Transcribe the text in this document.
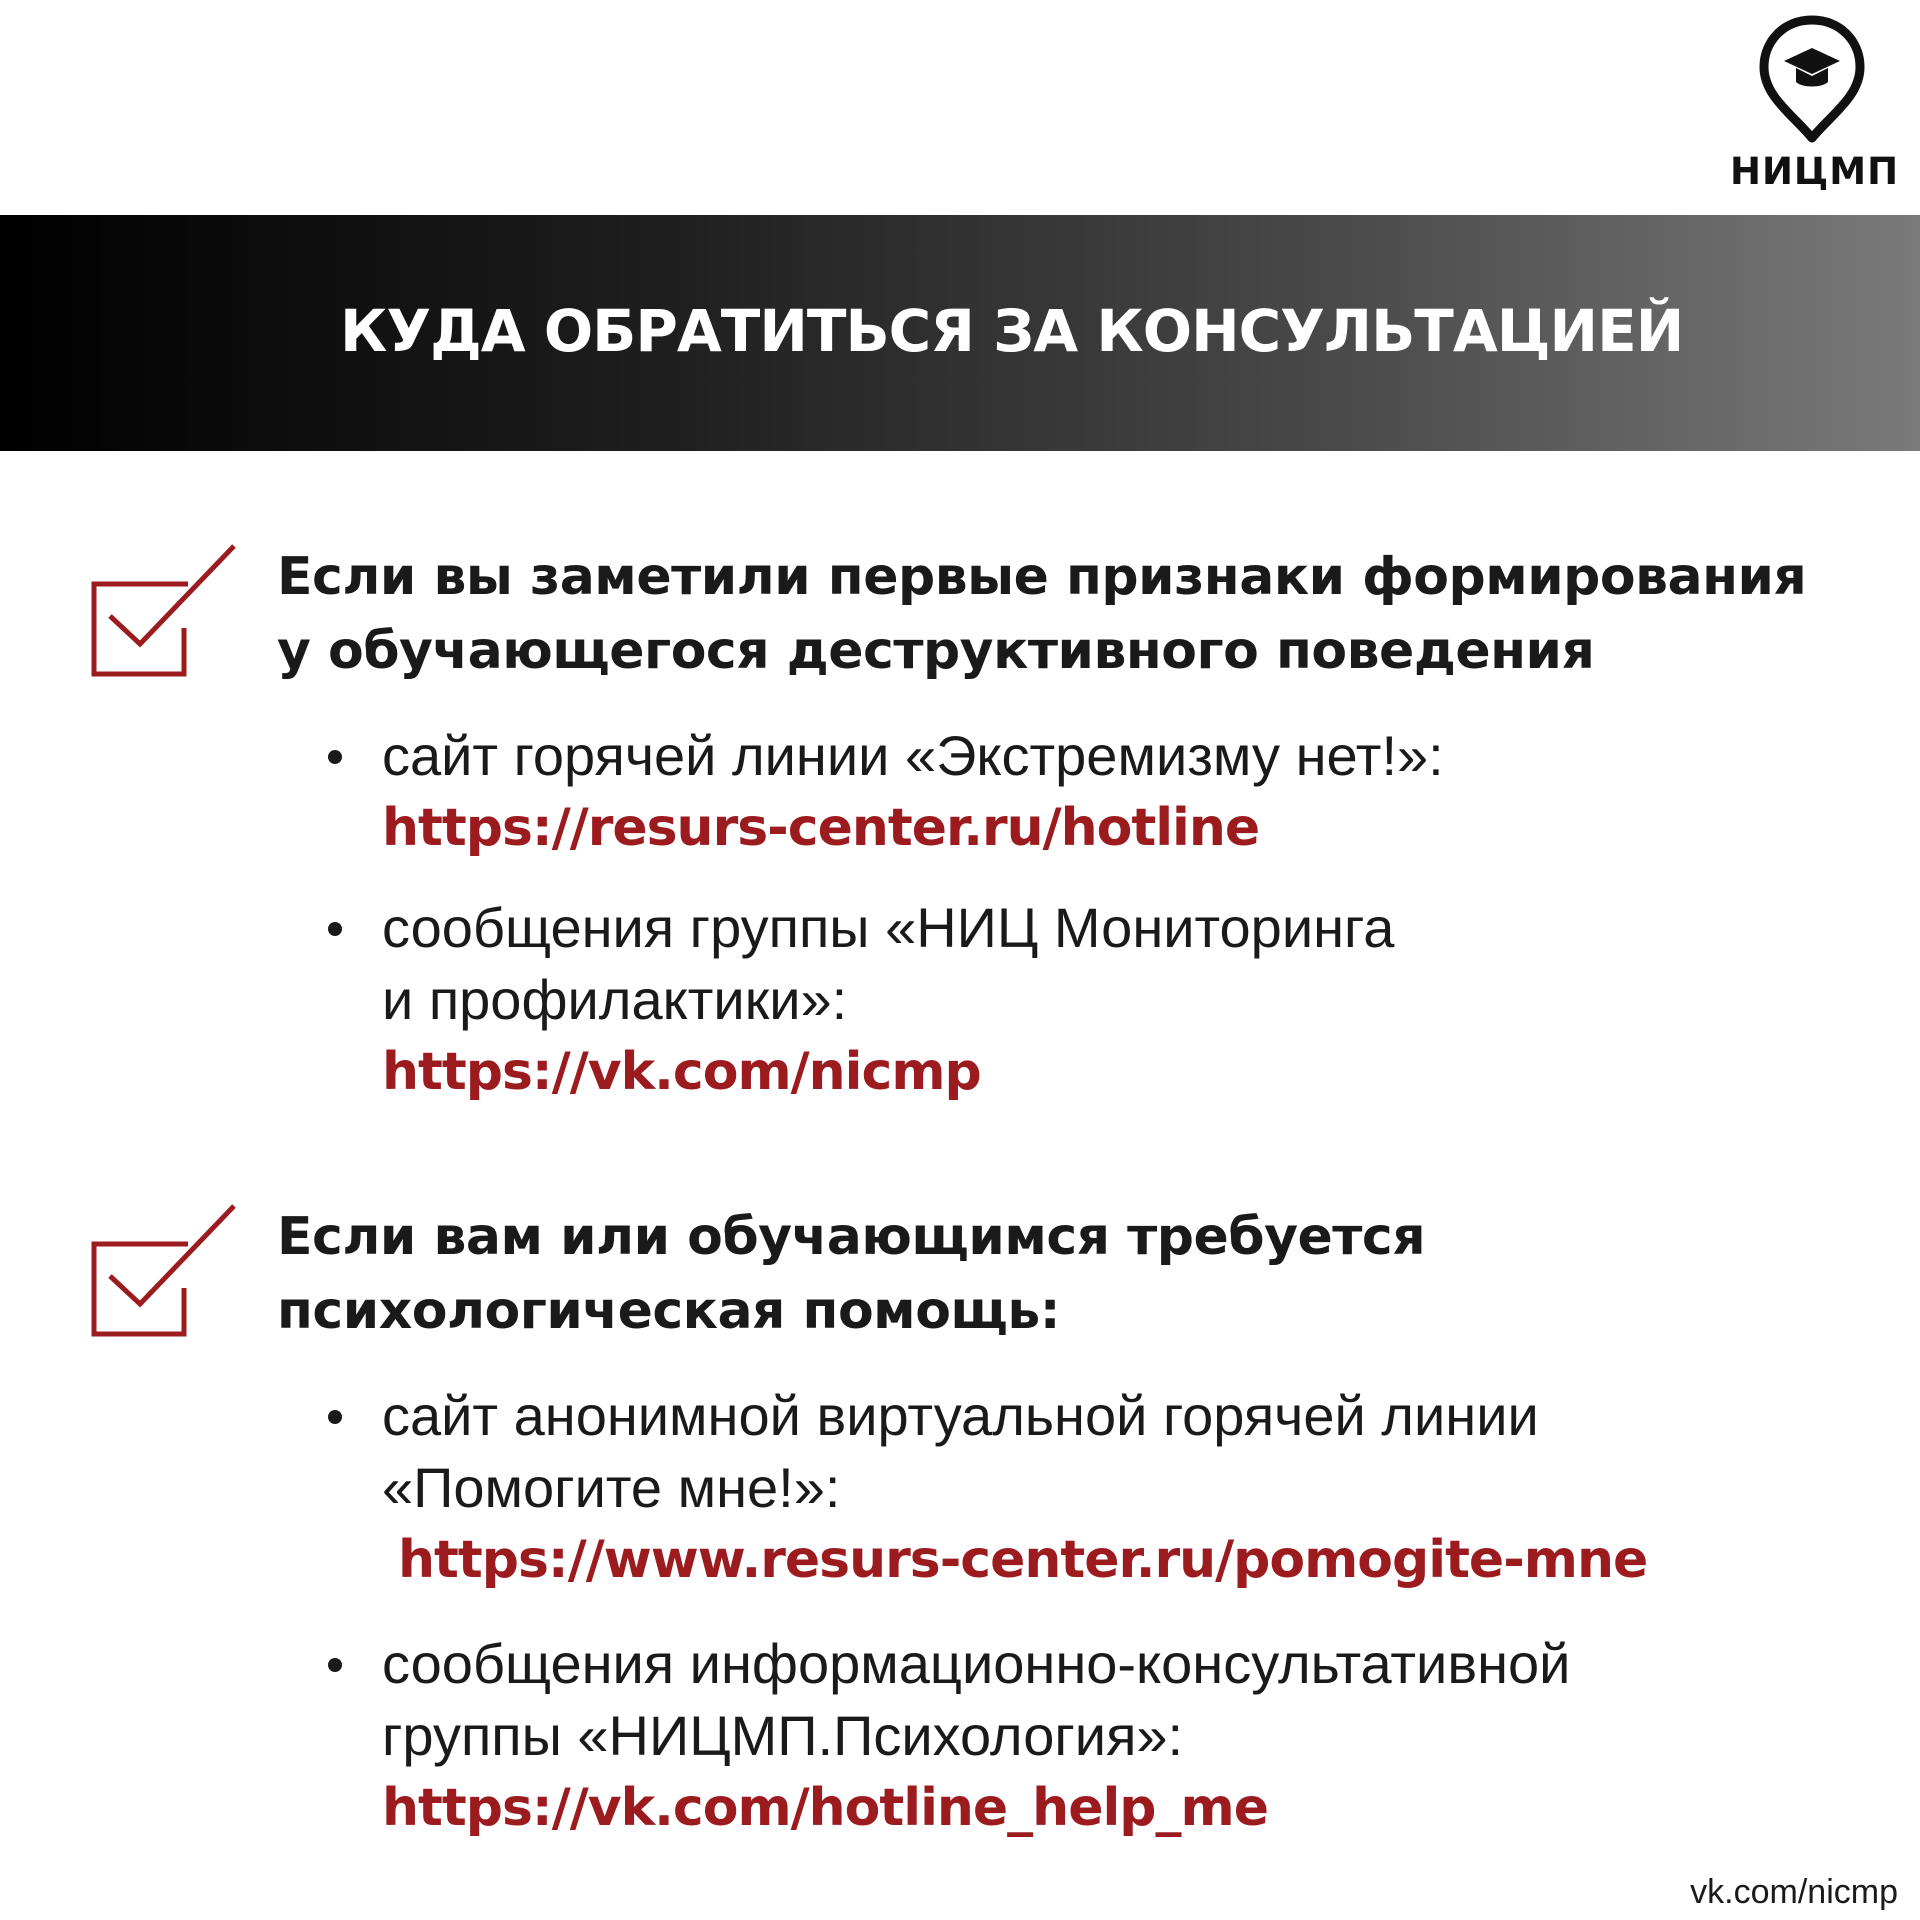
НИЦМП
КУДА ОБРАТИТЬСЯ ЗА КОНСУЛЬТАЦИЕЙ
Если вы заметили первые признаки формирования
у обучающегося деструктивного поведения
сайт горячей линии «Экстремизму нет!»:
https://resurs-center.ru/hotline
сообщения группы «НИЦ Мониторинга
и профилактики»:
https://vk.com/nicmp
Если вам или обучающимся требуется
психологическая помощь:
сайт анонимной виртуальной горячей линии
«Помогите мне!»:
https://www.resurs-center.ru/pomogite-mne
сообщения информационно-консультативной
группы «НИЦМП.Психология»:
https://vk.com/hotline_help_me
vk.com/nicmp
